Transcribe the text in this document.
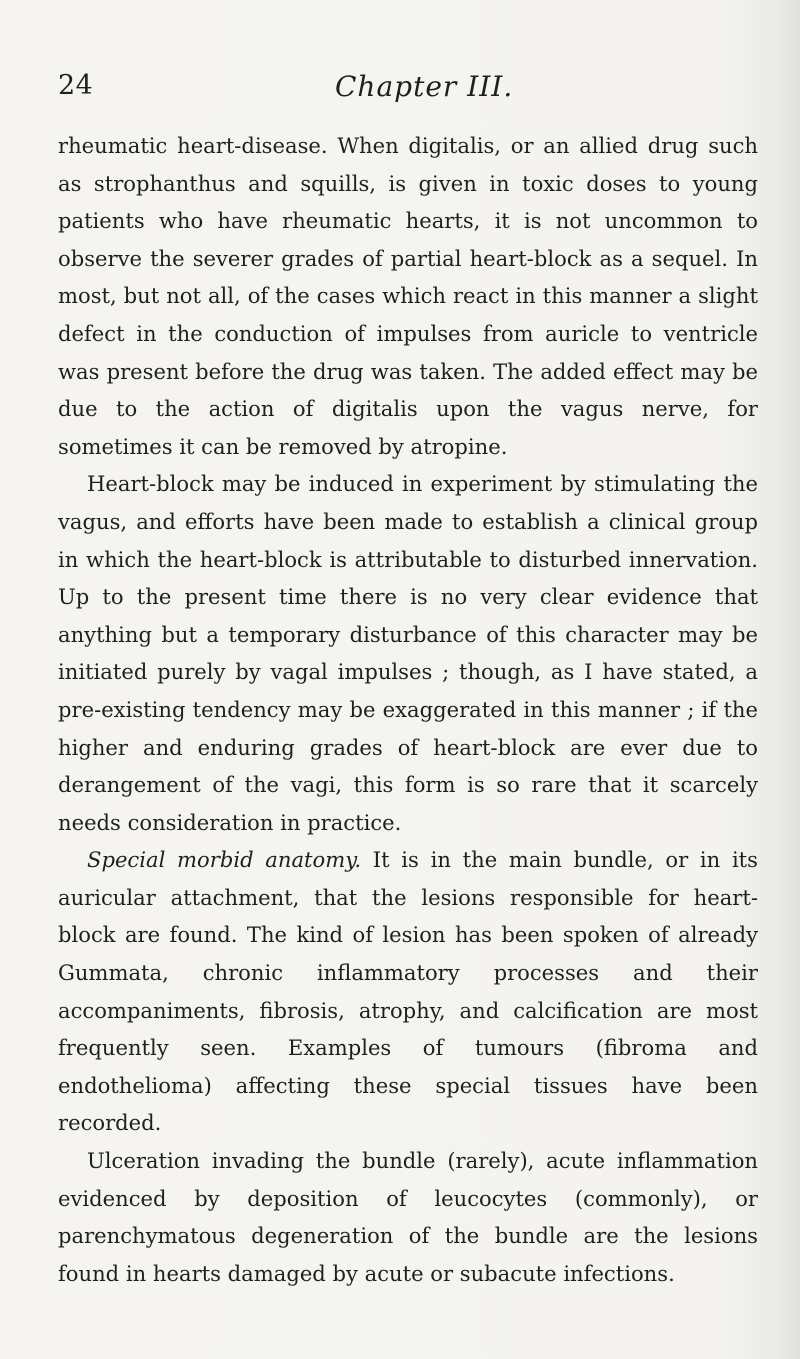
24	Chapter III.

rheumatic heart-disease. When digitalis, or an allied drug such as strophanthus and squills, is given in toxic doses to young patients who have rheumatic hearts, it is not uncommon to observe the severer grades of partial heart-block as a sequel. In most, but not all, of the cases which react in this manner a slight defect in the conduction of impulses from auricle to ventricle was present before the drug was taken. The added effect may be due to the action of digitalis upon the vagus nerve, for sometimes it can be removed by atropine.

Heart-block may be induced in experiment by stimulating the vagus, and efforts have been made to establish a clinical group in which the heart-block is attributable to disturbed innervation. Up to the present time there is no very clear evidence that anything but a temporary disturbance of this character may be initiated purely by vagal impulses ; though, as I have stated, a pre-existing tendency may be exaggerated in this manner ; if the higher and enduring grades of heart-block are ever due to derangement of the vagi, this form is so rare that it scarcely needs consideration in practice.

Special morbid anatomy. It is in the main bundle, or in its auricular attachment, that the lesions responsible for heart-block are found. The kind of lesion has been spoken of already Gummata, chronic inflammatory processes and their accompaniments, fibrosis, atrophy, and calcification are most frequently seen. Examples of tumours (fibroma and endothelioma) affecting these special tissues have been recorded.

Ulceration invading the bundle (rarely), acute inflammation evidenced by deposition of leucocytes (commonly), or parenchymatous degeneration of the bundle are the lesions found in hearts damaged by acute or subacute infections.
